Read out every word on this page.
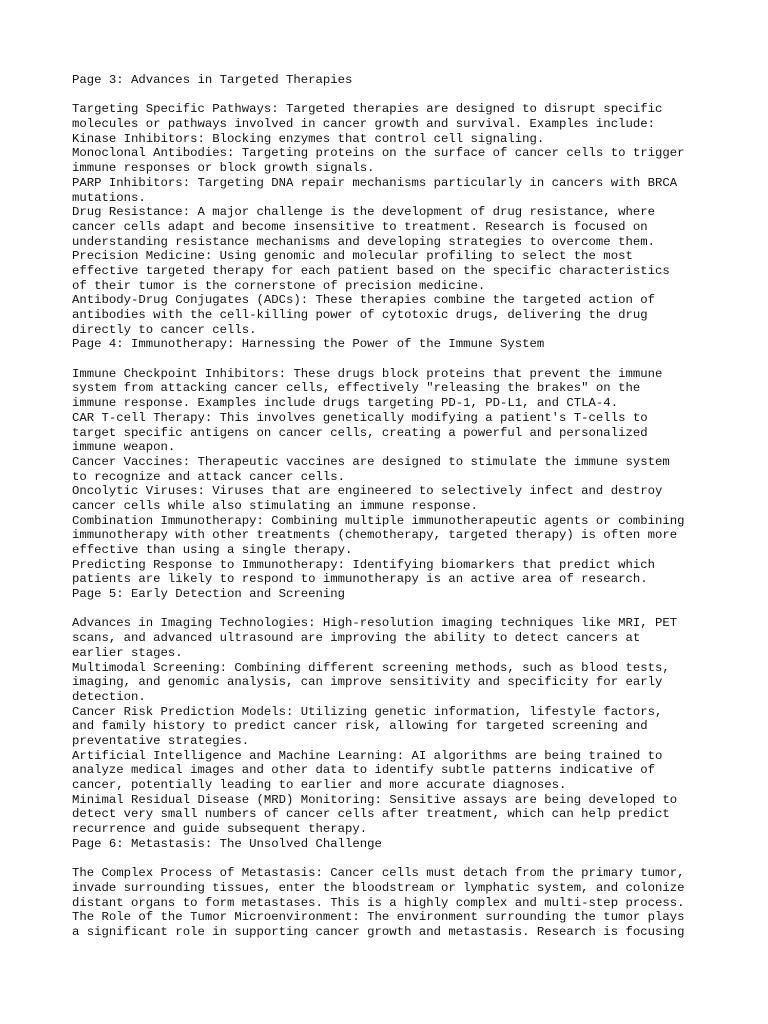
Page 3: Advances in Targeted Therapies
Targeting Specific Pathways: Targeted therapies are designed to disrupt specific
molecules or pathways involved in cancer growth and survival. Examples include:
Kinase Inhibitors: Blocking enzymes that control cell signaling.
Monoclonal Antibodies: Targeting proteins on the surface of cancer cells to trigger
immune responses or block growth signals.
PARP Inhibitors: Targeting DNA repair mechanisms particularly in cancers with BRCA
mutations.
Drug Resistance: A major challenge is the development of drug resistance, where
cancer cells adapt and become insensitive to treatment. Research is focused on
understanding resistance mechanisms and developing strategies to overcome them.
Precision Medicine: Using genomic and molecular profiling to select the most
effective targeted therapy for each patient based on the specific characteristics
of their tumor is the cornerstone of precision medicine.
Antibody-Drug Conjugates (ADCs): These therapies combine the targeted action of
antibodies with the cell-killing power of cytotoxic drugs, delivering the drug
directly to cancer cells.
Page 4: Immunotherapy: Harnessing the Power of the Immune System
Immune Checkpoint Inhibitors: These drugs block proteins that prevent the immune
system from attacking cancer cells, effectively "releasing the brakes" on the
immune response. Examples include drugs targeting PD-1, PD-L1, and CTLA-4.
CAR T-cell Therapy: This involves genetically modifying a patient's T-cells to
target specific antigens on cancer cells, creating a powerful and personalized
immune weapon.
Cancer Vaccines: Therapeutic vaccines are designed to stimulate the immune system
to recognize and attack cancer cells.
Oncolytic Viruses: Viruses that are engineered to selectively infect and destroy
cancer cells while also stimulating an immune response.
Combination Immunotherapy: Combining multiple immunotherapeutic agents or combining
immunotherapy with other treatments (chemotherapy, targeted therapy) is often more
effective than using a single therapy.
Predicting Response to Immunotherapy: Identifying biomarkers that predict which
patients are likely to respond to immunotherapy is an active area of research.
Page 5: Early Detection and Screening
Advances in Imaging Technologies: High-resolution imaging techniques like MRI, PET
scans, and advanced ultrasound are improving the ability to detect cancers at
earlier stages.
Multimodal Screening: Combining different screening methods, such as blood tests,
imaging, and genomic analysis, can improve sensitivity and specificity for early
detection.
Cancer Risk Prediction Models: Utilizing genetic information, lifestyle factors,
and family history to predict cancer risk, allowing for targeted screening and
preventative strategies.
Artificial Intelligence and Machine Learning: AI algorithms are being trained to
analyze medical images and other data to identify subtle patterns indicative of
cancer, potentially leading to earlier and more accurate diagnoses.
Minimal Residual Disease (MRD) Monitoring: Sensitive assays are being developed to
detect very small numbers of cancer cells after treatment, which can help predict
recurrence and guide subsequent therapy.
Page 6: Metastasis: The Unsolved Challenge
The Complex Process of Metastasis: Cancer cells must detach from the primary tumor,
invade surrounding tissues, enter the bloodstream or lymphatic system, and colonize
distant organs to form metastases. This is a highly complex and multi-step process.
The Role of the Tumor Microenvironment: The environment surrounding the tumor plays
a significant role in supporting cancer growth and metastasis. Research is focusing
